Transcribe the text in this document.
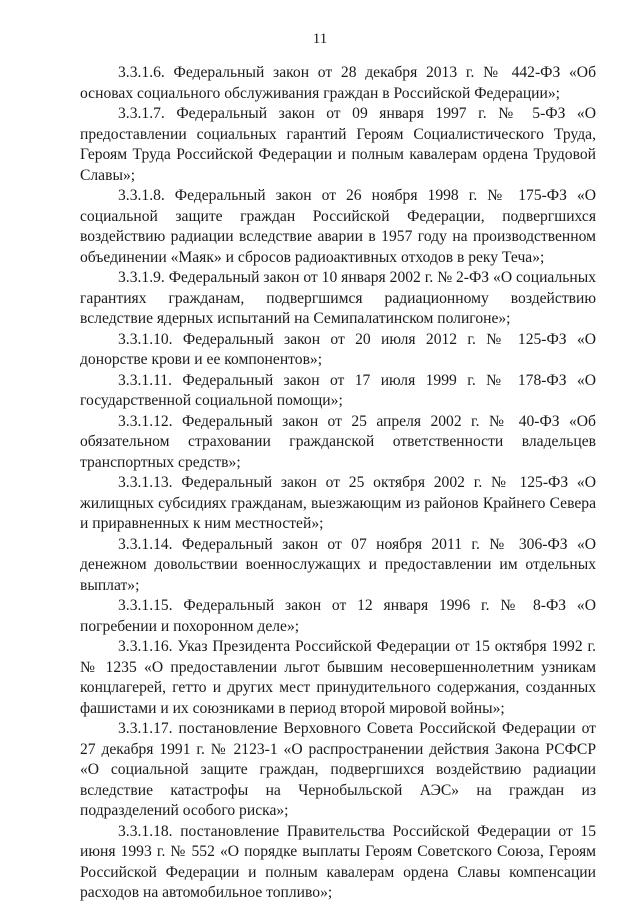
11

3.3.1.6. Федеральный закон от 28 декабря 2013 г. № 442-ФЗ «Об основах социального обслуживания граждан в Российской Федерации»;

3.3.1.7. Федеральный закон от 09 января 1997 г. № 5-ФЗ «О предоставлении социальных гарантий Героям Социалистического Труда, Героям Труда Российской Федерации и полным кавалерам ордена Трудовой Славы»;

3.3.1.8. Федеральный закон от 26 ноября 1998 г. № 175-ФЗ «О социальной защите граждан Российской Федерации, подвергшихся воздействию радиации вследствие аварии в 1957 году на производственном объединении «Маяк» и сбросов радиоактивных отходов в реку Теча»;

3.3.1.9. Федеральный закон от 10 января 2002 г. № 2-ФЗ «О социальных гарантиях гражданам, подвергшимся радиационному воздействию вследствие ядерных испытаний на Семипалатинском полигоне»;

3.3.1.10. Федеральный закон от 20 июля 2012 г. № 125-ФЗ «О донорстве крови и ее компонентов»;

3.3.1.11. Федеральный закон от 17 июля 1999 г. № 178-ФЗ «О государственной социальной помощи»;

3.3.1.12. Федеральный закон от 25 апреля 2002 г. № 40-ФЗ «Об обязательном страховании гражданской ответственности владельцев транспортных средств»;

3.3.1.13. Федеральный закон от 25 октября 2002 г. № 125-ФЗ «О жилищных субсидиях гражданам, выезжающим из районов Крайнего Севера и приравненных к ним местностей»;

3.3.1.14. Федеральный закон от 07 ноября 2011 г. № 306-ФЗ «О денежном довольствии военнослужащих и предоставлении им отдельных выплат»;

3.3.1.15. Федеральный закон от 12 января 1996 г. № 8-ФЗ «О погребении и похоронном деле»;

3.3.1.16. Указ Президента Российской Федерации от 15 октября 1992 г. № 1235 «О предоставлении льгот бывшим несовершеннолетним узникам концлагерей, гетто и других мест принудительного содержания, созданных фашистами и их союзниками в период второй мировой войны»;

3.3.1.17. постановление Верховного Совета Российской Федерации от 27 декабря 1991 г. № 2123-1 «О распространении действия Закона РСФСР «О социальной защите граждан, подвергшихся воздействию радиации вследствие катастрофы на Чернобыльской АЭС» на граждан из подразделений особого риска»;

3.3.1.18. постановление Правительства Российской Федерации от 15 июня 1993 г. № 552 «О порядке выплаты Героям Советского Союза, Героям Российской Федерации и полным кавалерам ордена Славы компенсации расходов на автомобильное топливо»;
